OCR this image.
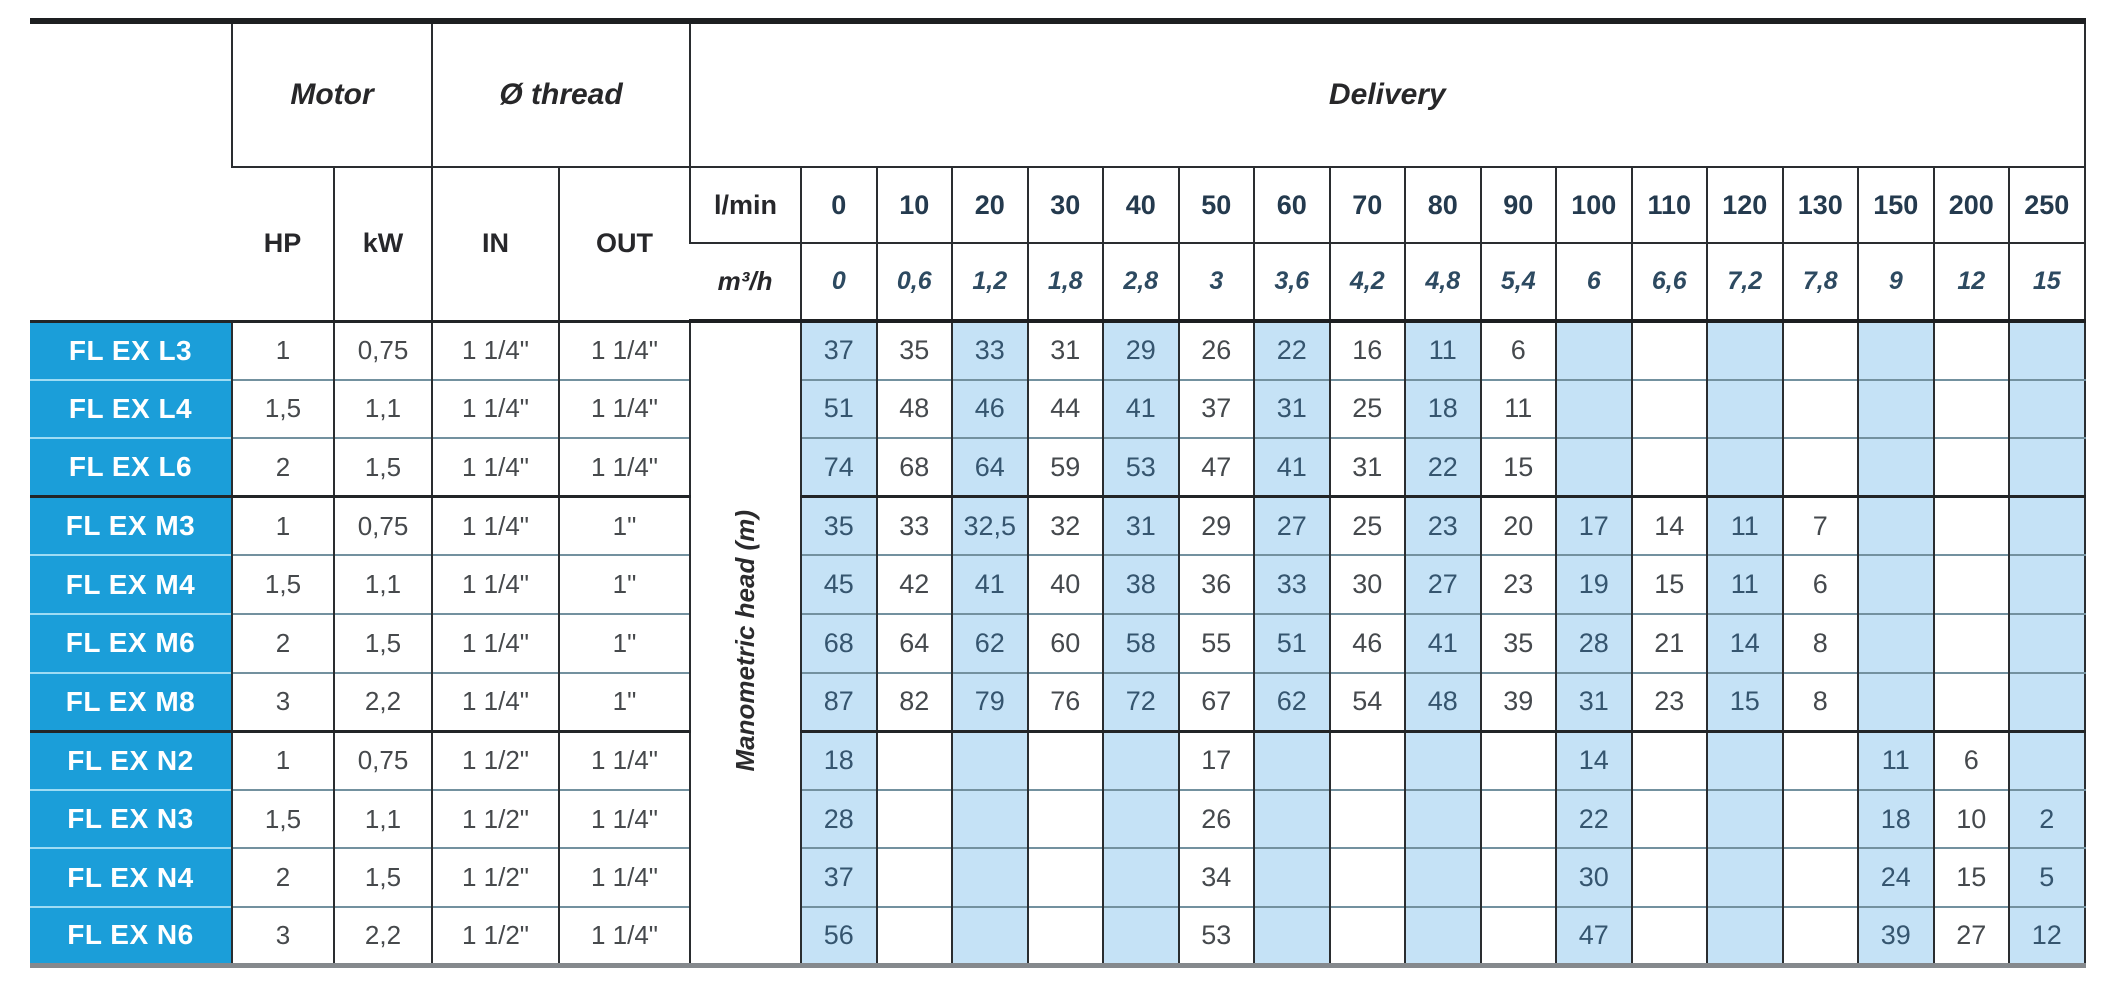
Pump type	Motor		Ø thread		Delivery																	
	HP	kW	IN	OUT	l/min	0	10	20	30	40	50	60	70	80	90	100	110	120	130	150	200	250
					m³/h	0	0,6	1,2	1,8	2,8	3	3,6	4,2	4,8	5,4	6	6,6	7,2	7,8	9	12	15
FL EX L3	1	0,75	1 1/4"	1 1/4"	Manometric head (m)	37	35	33	31	29	26	22	16	11	6							
FL EX L4	1,5	1,1	1 1/4"	1 1/4"		51	48	46	44	41	37	31	25	18	11							
FL EX L6	2	1,5	1 1/4"	1 1/4"		74	68	64	59	53	47	41	31	22	15							
FL EX M3	1	0,75	1 1/4"	1"		35	33	32,5	32	31	29	27	25	23	20	17	14	11	7			
FL EX M4	1,5	1,1	1 1/4"	1"		45	42	41	40	38	36	33	30	27	23	19	15	11	6			
FL EX M6	2	1,5	1 1/4"	1"		68	64	62	60	58	55	51	46	41	35	28	21	14	8			
FL EX M8	3	2,2	1 1/4"	1"		87	82	79	76	72	67	62	54	48	39	31	23	15	8			
FL EX N2	1	0,75	1 1/2"	1 1/4"		18					17					14				11	6	
FL EX N3	1,5	1,1	1 1/2"	1 1/4"		28					26					22				18	10	2
FL EX N4	2	1,5	1 1/2"	1 1/4"		37					34					30				24	15	5
FL EX N6	3	2,2	1 1/2"	1 1/4"		56					53					47				39	27	12
